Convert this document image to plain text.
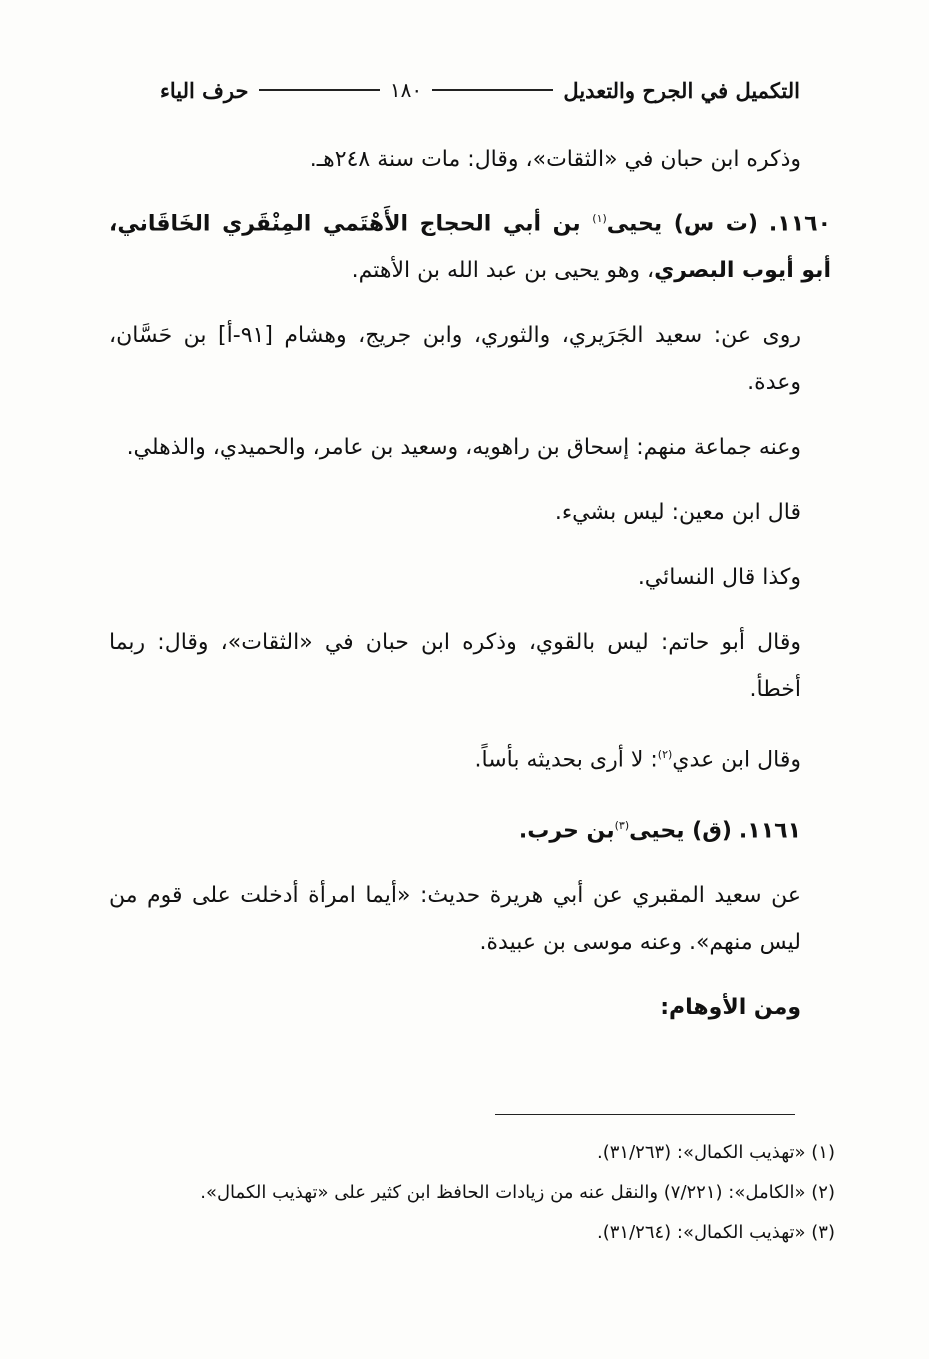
التكميل في الجرح والتعديل
١٨٠
حرف الياء

وذكره ابن حبان في «الثقات»، وقال: مات سنة ٢٤٨هـ.

١١٦٠. (ت س) يحيى$^{(١)}$ بن أبي الحجاج الأَهْتَمي المِنْقَري الخَاقَاني، أبو أيوب البصري، وهو يحيى بن عبد الله بن الأهتم.

روى عن: سعيد الجَرَيري، والثوري، وابن جريج، وهشام [٩١-أ] بن حَسَّان، وعدة.

وعنه جماعة منهم: إسحاق بن راهويه، وسعيد بن عامر، والحميدي، والذهلي.

قال ابن معين: ليس بشيء.

وكذا قال النسائي.

وقال أبو حاتم: ليس بالقوي، وذكره ابن حبان في «الثقات»، وقال: ربما أخطأ.

وقال ابن عدي$^{(٢)}$: لا أرى بحديثه بأساً.

١١٦١. (ق) يحيى$^{(٣)}$بن حرب.

عن سعيد المقبري عن أبي هريرة حديث: «أيما امرأة أدخلت على قوم من ليس منهم». وعنه موسى بن عبيدة.

ومن الأوهام:

(١) «تهذيب الكمال»: (٣١/٢٦٣).

(٢) «الكامل»: (٧/٢٢١) والنقل عنه من زيادات الحافظ ابن كثير على «تهذيب الكمال».

(٣) «تهذيب الكمال»: (٣١/٢٦٤).
